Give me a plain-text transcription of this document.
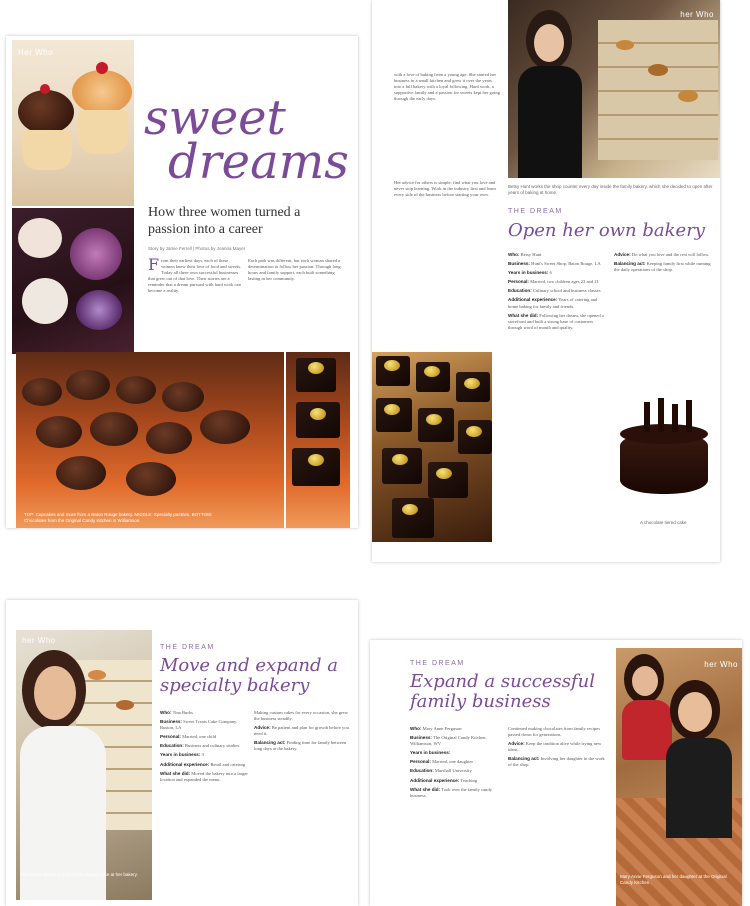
Her Who
sweet
dreams
How three women turned a passion into a career
Story by Jamie Ferrell | Photos by Joanna Mayer
F rom their earliest days, each of these women knew their love of food and sweets. Today all three own successful businesses that grew out of that love. Their stories are a reminder that a dream pursued with hard work can become a reality.
Each path was different, but each woman shared a determination to follow her passion. Through long hours and family support, each built something lasting in her community.
TOP: Cupcakes and more from a Baton Rouge bakery. MIDDLE: Specialty pastries. BOTTOM: Chocolates from the Original Candy Kitchen in Williamson.
20
with a love of baking from a young age. She started her business in a small kitchen and grew it over the years into a full bakery with a loyal following. Hard work, a supportive family and a passion for sweets kept her going through the early days.
Her advice for others is simple: find what you love and never stop learning. Work in the industry first and learn every side of the business before starting your own.
her Who
Betsy Hunt works the shop counter every day inside the family bakery, which she decided to open after years of baking at home.
THE DREAM
Open her own bakery
Who: Betsy Hunt
Business: Hunt's Sweet Shop, Baton Rouge, LA
Years in business: 6
Personal: Married, two children ages 23 and 21
Education: Culinary school and business classes
Additional experience: Years of catering and home baking for family and friends.
What she did: Following her dream, she opened a storefront and built a strong base of customers through word of mouth and quality.
Advice: Do what you love and the rest will follow.
Balancing act: Keeping family first while running the daily operations of the shop.
A chocolate tiered cake
her Who
Tina Burks stands in front of the display case at her bakery.
THE DREAM
Move and expand a
specialty bakery
Who: Tina Burks
Business: Sweet Treats Cake Company, Ruston, LA
Personal: Married, one child
Education: Business and culinary studies
Years in business: 3
Additional experience: Retail and catering
What she did: Moved the bakery into a larger location and expanded the menu.
Making custom cakes for every occasion, she grew the business steadily.
Advice: Be patient and plan for growth before you need it.
Balancing act: Finding time for family between long days at the bakery.
THE DREAM
Expand a successful
family business
Who: Mary Anne Ferguson
Business: The Original Candy Kitchen, Williamson, WV
Years in business:
Personal: Married, one daughter
Education: Marshall University
Additional experience: Teaching
What she did: Took over the family candy business.
Continued making chocolates from family recipes passed down for generations.
Advice: Keep the tradition alive while trying new ideas.
Balancing act: Involving her daughter in the work of the shop.
her Who
Mary Anne Ferguson and her daughter at the Original Candy Kitchen.
